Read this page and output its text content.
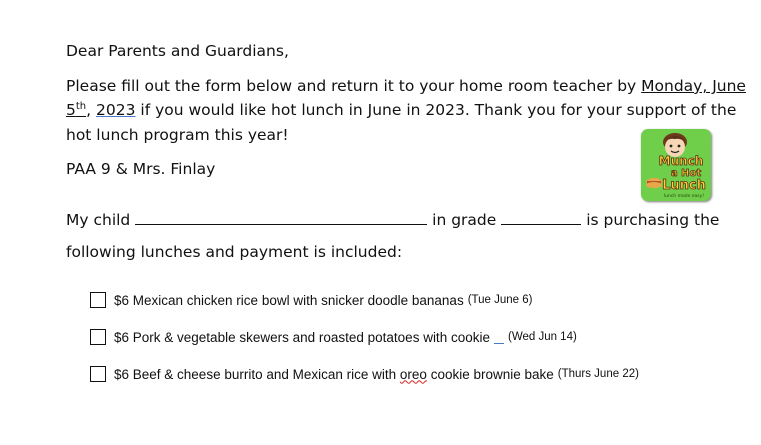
Dear Parents and Guardians,
Please fill out the form below and return it to your home room teacher by Monday, June
5th, 2023 if you would like hot lunch in June in 2023. Thank you for your support of the
hot lunch program this year!
PAA 9 & Mrs. Finlay	Munch
a Hot
Lunch
lunch made easy!
My child	in grade	is purchasing the
following lunches and payment is included:
$6 Mexican chicken rice bowl with snicker doodle bananas (Tue June 6)
$6 Pork & vegetable skewers and roasted potatoes with cookie (Wed Jun 14)
$6 Beef & cheese burrito and Mexican rice with oreo cookie brownie bake (Thurs June 22)
